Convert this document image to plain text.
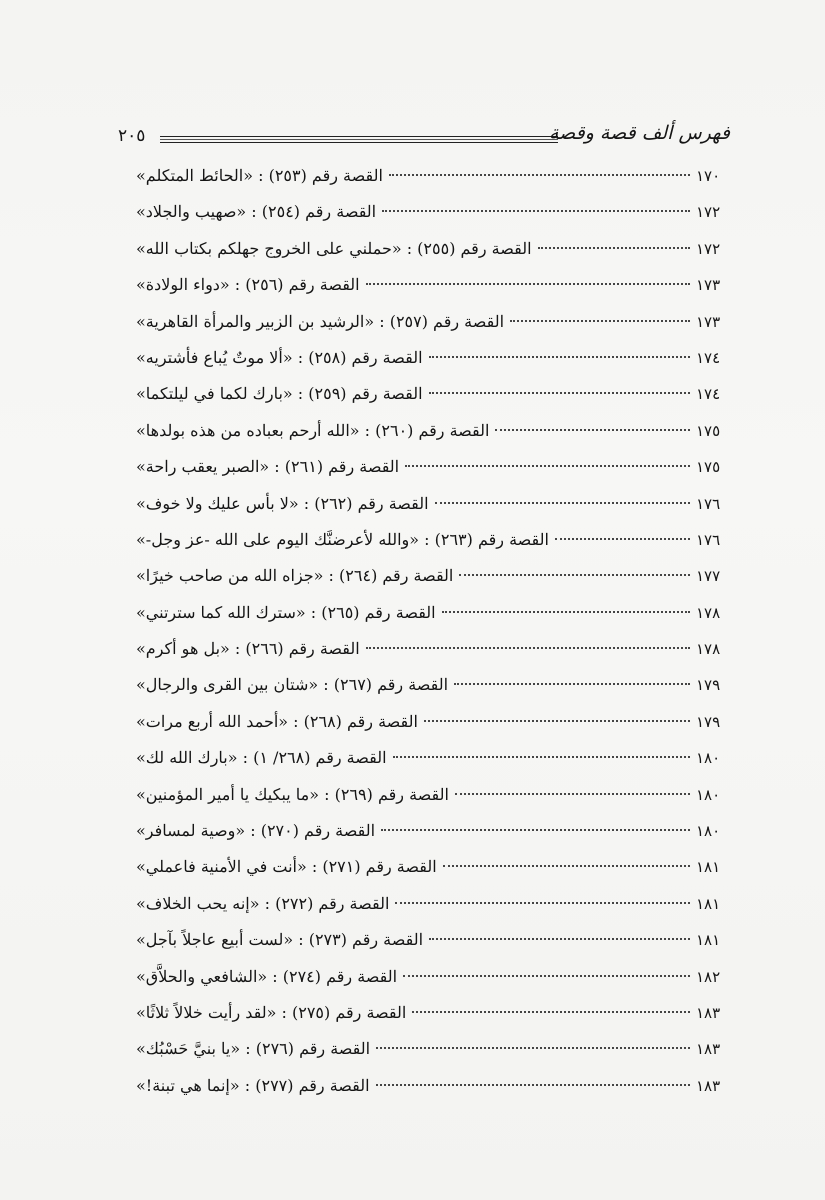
٢٠٥	فهرس ألف قصة وقصة
القصة رقم (٢٥٣) : «الحائط المتكلم»	١٧٠
القصة رقم (٢٥٤) : «صهيب والجلاد»	١٧٢
القصة رقم (٢٥٥) : «حملني على الخروج جهلكم بكتاب الله»	١٧٢
القصة رقم (٢٥٦) : «دواء الولادة»	١٧٣
القصة رقم (٢٥٧) : «الرشيد بن الزبير والمرأة القاهرية»	١٧٣
القصة رقم (٢٥٨) : «ألا موتٌ يُباع فأشتريه»	١٧٤
القصة رقم (٢٥٩) : «بارك لكما في ليلتكما»	١٧٤
القصة رقم (٢٦٠) : «الله أرحم بعباده من هذه بولدها»	١٧٥
القصة رقم (٢٦١) : «الصبر يعقب راحة»	١٧٥
القصة رقم (٢٦٢) : «لا بأس عليك ولا خوف»	١٧٦
القصة رقم (٢٦٣) : «والله لأعرضنَّك اليوم على الله -عز وجل-»	١٧٦
القصة رقم (٢٦٤) : «جزاه الله من صاحب خيرًا»	١٧٧
القصة رقم (٢٦٥) : «سترك الله كما سترتني»	١٧٨
القصة رقم (٢٦٦) : «بل هو أكرم»	١٧٨
القصة رقم (٢٦٧) : «شتان بين القرى والرجال»	١٧٩
القصة رقم (٢٦٨) : «أحمد الله أربع مرات»	١٧٩
القصة رقم (٢٦٨/ ١) : «بارك الله لك»	١٨٠
القصة رقم (٢٦٩) : «ما يبكيك يا أمير المؤمنين»	١٨٠
القصة رقم (٢٧٠) : «وصية لمسافر»	١٨٠
القصة رقم (٢٧١) : «أنت في الأمنية فاعملي»	١٨١
القصة رقم (٢٧٢) : «إنه يحب الخلاف»	١٨١
القصة رقم (٢٧٣) : «لست أبيع عاجلاً بآجل»	١٨١
القصة رقم (٢٧٤) : «الشافعي والحلاَّق»	١٨٢
القصة رقم (٢٧٥) : «لقد رأيت خلالاً ثلاثًا»	١٨٣
القصة رقم (٢٧٦) : «يا بنيَّ حَسْبُك»	١٨٣
القصة رقم (٢٧٧) : «إنما هي تبنة!»	١٨٣
